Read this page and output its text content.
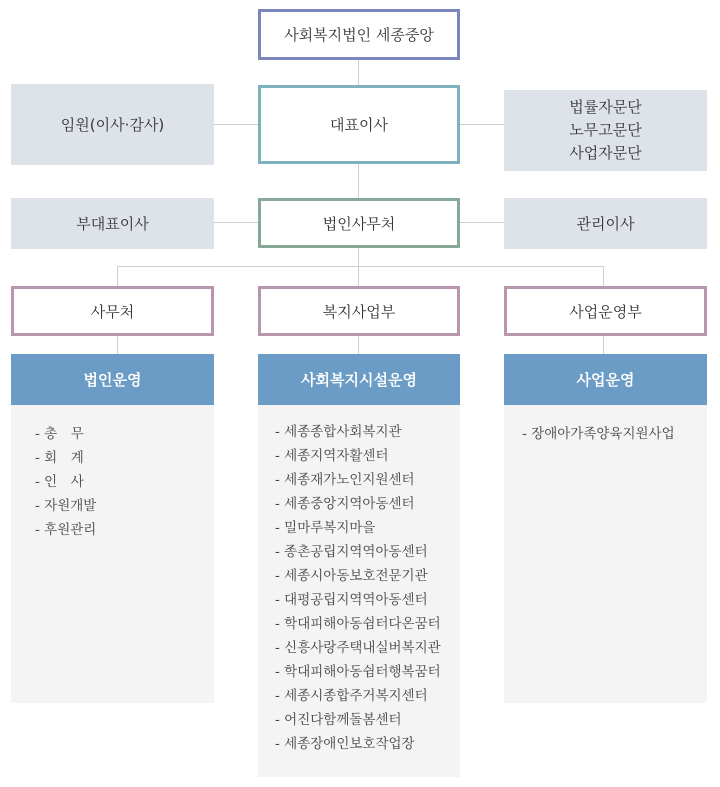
사회복지법인 세종중앙
임원(이사·감사)	대표이사
법률자문단
노무고문단
사업자문단
부대표이사	법인사무처	관리이사
사무처	복지사업부	사업운영부
법인운영
- 총　무
- 회　계
- 인　사
- 자원개발
- 후원관리
사회복지시설운영
- 세종종합사회복지관
- 세종지역자활센터
- 세종재가노인지원센터
- 세종중앙지역아동센터
- 밀마루복지마을
- 종촌공립지역역아동센터
- 세종시아동보호전문기관
- 대평공립지역역아동센터
- 학대피해아동쉼터다온꿈터
- 신흥사랑주택내실버복지관
- 학대피해아동쉼터행복꿈터
- 세종시종합주거복지센터
- 어진다함께돌봄센터
- 세종장애인보호작업장
사업운영
- 장애아가족양육지원사업
